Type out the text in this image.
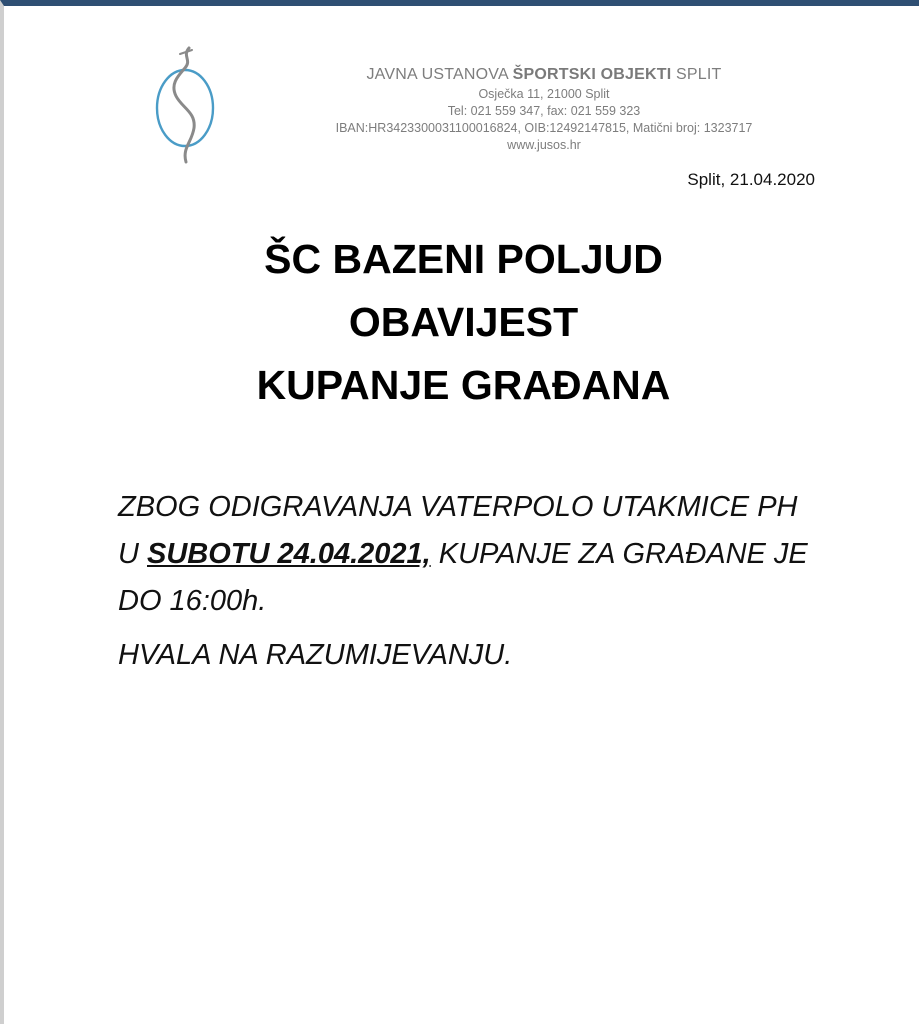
JAVNA USTANOVA ŠPORTSKI OBJEKTI SPLIT
Osječka 11, 21000 Split
Tel: 021 559 347, fax: 021 559 323
IBAN:HR3423300031100016824, OIB:12492147815, Matični broj: 1323717
www.jusos.hr
Split, 21.04.2020
ŠC BAZENI POLJUD
OBAVIJEST
KUPANJE GRAĐANA
ZBOG ODIGRAVANJA VATERPOLO UTAKMICE PH U SUBOTU 24.04.2021, KUPANJE ZA GRAĐANE JE DO 16:00h.
HVALA NA RAZUMIJEVANJU.
